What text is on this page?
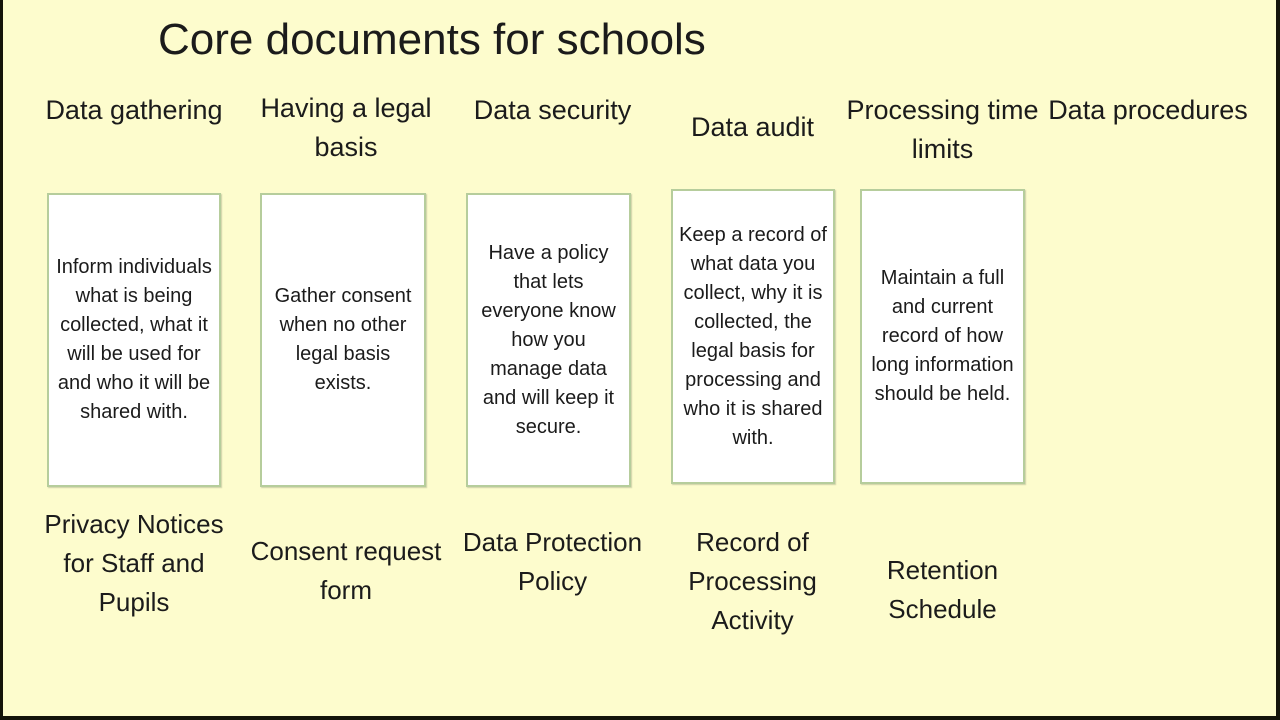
Core documents for schools
Data gathering
Inform individuals what is being collected, what it will be used for and who it will be shared with.
Privacy Notices for Staff and Pupils
Having a legal basis
Gather consent when no other legal basis exists.
Consent request form
Data security
Have a policy that lets everyone know how you manage data and will keep it secure.
Data Protection Policy
Data audit
Keep a record of what data you collect, why it is collected, the legal basis for processing and who it is shared with.
Record of Processing Activity
Processing time limits
Maintain a full and current record of how long information should be held.
Retention Schedule
Data procedures
